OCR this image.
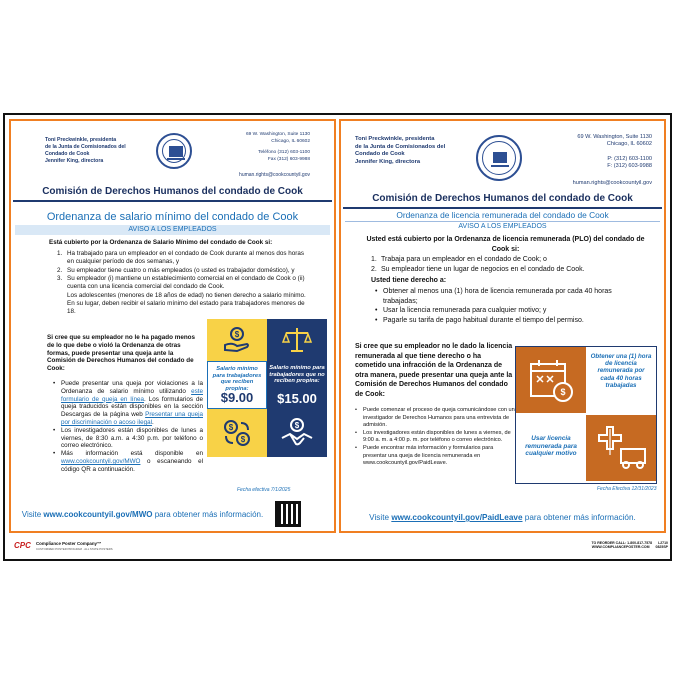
Toni Preckwinkle, presidenta
de la Junta de Comisionados del
Condado de Cook
Jennifer King, directora
69 W. Washington, Suite 1130
Chicago, IL 60602
Teléfono (312) 603-1100
Fax (312) 603-9988
human.rights@cookcountyil.gov
Comisión de Derechos Humanos del condado de Cook
Ordenanza de salario mínimo del condado de Cook
AVISO A LOS EMPLEADOS
Está cubierto por la Ordenanza de Salario Mínimo del condado de Cook si:
1. Ha trabajado para un empleador en el condado de Cook durante al menos dos horas en cualquier período de dos semanas, y
2. Su empleador tiene cuatro o más empleados (o usted es trabajador doméstico), y
3. Su empleador (i) mantiene un establecimiento comercial en el condado de Cook o (ii) cuenta con una licencia comercial del condado de Cook.
Los adolescentes (menores de 18 años de edad) no tienen derecho a salario mínimo. En su lugar, deben recibir el salario mínimo del estado para trabajadores menores de 18.
Si cree que su empleador no le ha pagado menos de lo que debe o violó la Ordenanza de otras formas, puede presentar una queja ante la Comisión de Derechos Humanos del condado de Cook:
• Puede presentar una queja por violaciones a la Ordenanza de salario mínimo utilizando este formulario de queja en línea. Los formularios de queja traducidos están disponibles en la sección Descargas de la página web Presentar una queja por discriminación o acoso ilegal.
• Los investigadores están disponibles de lunes a viernes, de 8:30 a.m. a 4:30 p.m. por teléfono o correo electrónico.
• Más información está disponible en www.cookcountyil.gov/MWO o escaneando el código QR a continuación.
$
Salario mínimo para trabajadores que reciben propina:
$9.00
Salario mínimo para trabajadores que no reciben propina:
$15.00
$
$
$
Fecha efectiva 7/1/2025
Visite www.cookcountyil.gov/MWO para obtener más información.
Toni Preckwinkle, presidenta
de la Junta de Comisionados del
Condado de Cook
Jennifer King, directora
69 W. Washington, Suite 1130
Chicago, IL 60602
P: (312) 603-1100
F: (312) 603-9988
human.rights@cookcountyil.gov
Comisión de Derechos Humanos del condado de Cook
Ordenanza de licencia remunerada del condado de Cook
AVISO A LOS EMPLEADOS
Usted está cubierto por la Ordenanza de licencia remunerada (PLO) del condado de Cook si:
1. Trabaja para un empleador en el condado de Cook; o
2. Su empleador tiene un lugar de negocios en el condado de Cook.
Usted tiene derecho a:
• Obtener al menos una (1) hora de licencia remunerada por cada 40 horas trabajadas;
• Usar la licencia remunerada para cualquier motivo; y
• Pagarle su tarifa de pago habitual durante el tiempo del permiso.
Si cree que su empleador no le dado la licencia remunerada al que tiene derecho o ha cometido una infracción de la Ordenanza de otra manera, puede presentar una queja ante la Comisión de Derechos Humanos del condado de Cook:
• Puede comenzar el proceso de queja comunicándose con un investigador de Derechos Humanos para una entrevista de admisión.
• Los investigadores están disponibles de lunes a viernes, de 9:00 a. m. a 4:00 p. m. por teléfono o correo electrónico.
• Puede encontrar más información y formularios para presentar una queja de licencia remunerada en www.cookcountyil.gov/PaidLeave.
$
Obtener una (1) hora de licencia remunerada por cada 40 horas trabajadas
Usar licencia remunerada para cualquier motivo
Fecha Efectiva 12/31/2023
Visite www.cookcountyil.gov/PaidLeave para obtener más información.
CPC Compliance Poster Company™
CUSTOMIZED POSTER PROGRAM · ALL STATE POSTERS
TO REORDER CALL: 1-800-817-7578 L2710
WWW.COMPLIANCEPOSTER.COM 0825SP
